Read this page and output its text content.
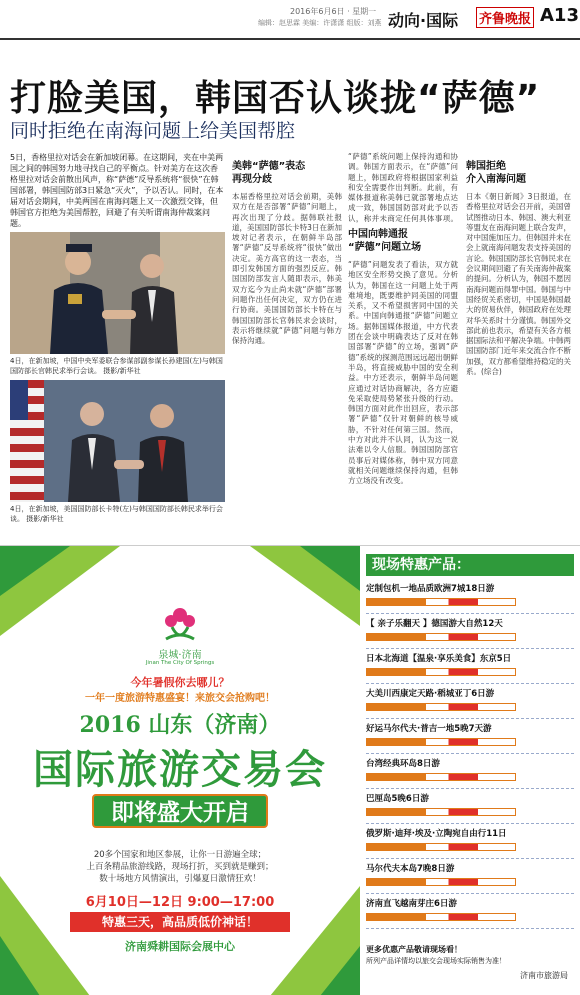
2016年6月6日 · 星期一
编辑：赵思霖 美编：许潇潇 组版：刘燕 动向·国际 齐鲁晚报 A13
打脸美国，韩国否认谈拢“萨德”
同时拒绝在南海问题上给美国帮腔
5日，香格里拉对话会在新加坡闭幕。在这期间，夹在中美两国之间的韩国努力地寻找自己的平衡点。针对美方在这次香格里拉对话会前散出风声，称“萨德”反导系统将“很快”在韩国部署，韩国国防部3日紧急“灭火”，予以否认。同时，在本届对话会期间，中美两国在南海问题上又一次激烈交锋，但韩国官方拒绝为美国帮腔，回避了有关听谓南海仲裁案问题。
4日，在新加坡，中国中央军委联合参谋部副参谋长孙建国(左)与韩国国防部长官韩民求举行会谈。 摄影/新华社
4日，在新加坡，美国国防部长卡特(左)与韩国国防部长韩民求举行会谈。 摄影/新华社
美韩“萨德”表态
再现分歧
本届香格里拉对话会前期，美韩双方在是否部署“萨德”问题上，再次出现了分歧。据韩联社报道，美国国防部长卡特3日在新加坡对记者表示，在朝鲜半岛部署“萨德”反导系统将“很快”做出决定。美方高官的这一表态，当即引发韩国方面的强烈反应。韩国国防部发言人随即表示，韩美双方迄今为止尚未就“萨德”部署问题作出任何决定，双方仍在进行协商。美国国防部长卡特在与韩国国防部长官韩民求会谈时，表示将继续就“萨德”问题与韩方保持沟通。
“萨德”系统问题上保持沟通和协调。韩国方面表示，在“萨德”问题上，韩国政府将根据国家利益和安全需要作出判断。此前，有媒体报道称美韩已就部署地点达成一致，韩国国防部对此予以否认，称并未商定任何具体事项。
中国向韩通报
“萨德”问题立场
“萨德”问题发表了看法，双方就地区安全形势交换了意见。分析认为，韩国在这一问题上处于两难境地，既要维护同美国的同盟关系，又不希望损害同中国的关系。中国向韩通报“萨德”问题立场。据韩国媒体报道，中方代表团在会谈中明确表达了反对在韩国部署“萨德”的立场，强调“萨德”系统的探测范围远远超出朝鲜半岛，将直接威胁中国的安全利益。中方还表示，朝鲜半岛问题应通过对话协商解决，各方应避免采取使局势紧张升级的行动。韩国方面对此作出回应，表示部署“萨德”仅针对朝鲜的核导威胁，不针对任何第三国。然而，中方对此并不认同，认为这一说法难以令人信服。韩国国防部官员事后对媒体称，韩中双方同意就相关问题继续保持沟通，但韩方立场没有改变。
韩国拒绝
介入南海问题
日本《朝日新闻》3日报道，在香格里拉对话会召开前，美国曾试图推动日本、韩国、澳大利亚等盟友在南海问题上联合发声，对中国施加压力。但韩国并未在会上就南海问题发表支持美国的言论。韩国国防部长官韩民求在会议期间回避了有关南海仲裁案的提问。分析认为，韩国不愿因南海问题而得罪中国。韩国与中国经贸关系密切，中国是韩国最大的贸易伙伴，韩国政府在处理对华关系时十分谨慎。韩国外交部此前也表示，希望有关各方根据国际法和平解决争端。中韩两国国防部门近年来交流合作不断加强，双方都希望维持稳定的关系。(综合)
泉城·济南
Jinan The City Of Springs
今年暑假你去哪儿？
一年一度旅游特惠盛宴！来旅交会抢购吧！
2016 山东（济南）
国际旅游交易会
即将盛大开启
20多个国家和地区参展，让你一日游遍全球；
上百条精品旅游线路，现场打折，买到就是赚到；
数十场地方风情演出，引爆夏日激情狂欢！
6月10日—12日 9:00—17:00
特惠三天，高品质低价神话！
济南舜耕国际会展中心
现场特惠产品：
定制包机一地品质欧洲7城18日游
【 亲子乐翻天 】德国游大自然12天
日本北海道【温泉·享乐美食】东京5日
大美川西康定天路·稻城亚丁6日游
好运马尔代夫·普吉一地5晚7天游
台湾经典环岛8日游
巴厘岛5晚6日游
俄罗斯·迪拜·埃及·立陶宛自由行11日
马尔代夫本岛7晚8日游
济南直飞越南芽庄6日游
更多优惠产品敬请现场看！
所列产品详情均以旅交会现场实际销售为准！
济南市旅游局
